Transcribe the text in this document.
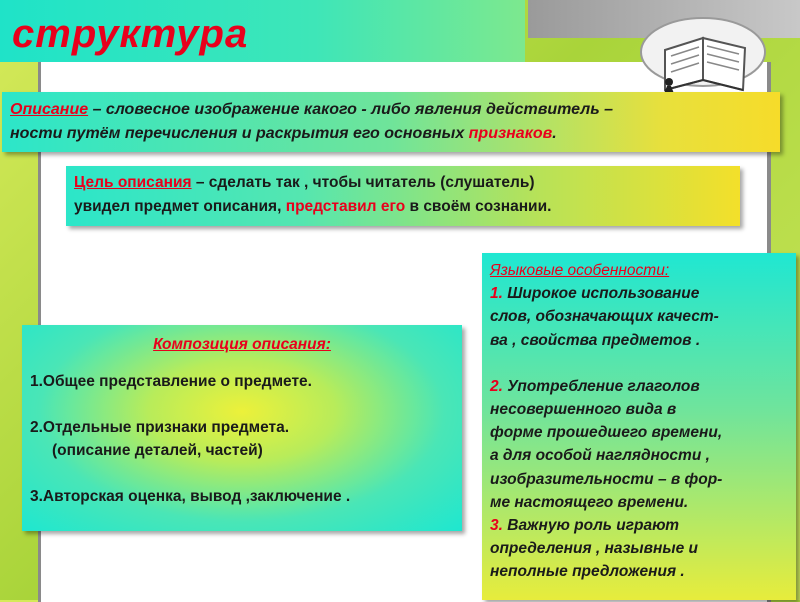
структура
Описание – словесное изображение какого - либо явления действитель –
ности путём перечисления и раскрытия его основных признаков.
Цель описания – сделать так , чтобы читатель (слушатель)
увидел предмет описания, представил его в своём сознании.
Композиция описания:
1.Общее представление о предмете.
2.Отдельные признаки предмета.
(описание деталей, частей)
3.Авторская оценка, вывод ,заключение .
Языковые особенности:
1. Широкое использование
слов, обозначающих качест-
ва , свойства предметов .
2. Употребление глаголов
несовершенного вида в
форме прошедшего времени,
а для особой наглядности ,
изобразительности – в фор-
ме настоящего времени.
3. Важную роль играют
определения , назывные и
неполные предложения .
